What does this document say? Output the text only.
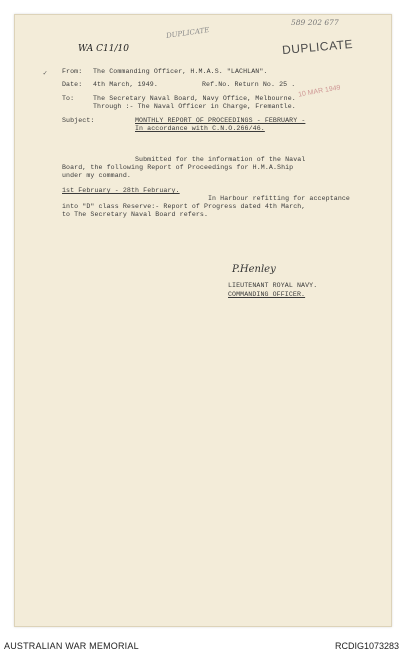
589 202 677
DUPLICATE
DUPLICATE
WA C11/10
✓ From: The Commanding Officer, H.M.A.S. "LACHLAN".
Date: 4th March, 1949.	Ref.No. Return No. 25 .
To:	The Secretary Naval Board, Navy Office, Melbourne.
Through :- The Naval Officer in Charge, Fremantle.
10 MAR 1949
Subject:	MONTHLY REPORT OF PROCEEDINGS - FEBRUARY -
In accordance with C.N.O.266/46.
Submitted for the information of the Naval
Board, the following Report of Proceedings for H.M.A.Ship
under my command.
1st February - 28th February.
In Harbour refitting for acceptance
into "D" class Reserve:- Report of Progress dated 4th March,
to The Secretary Naval Board refers.
P.Henley
LIEUTENANT ROYAL NAVY.
COMMANDING OFFICER.
AUSTRALIAN WAR MEMORIAL	RCDIG1073283
